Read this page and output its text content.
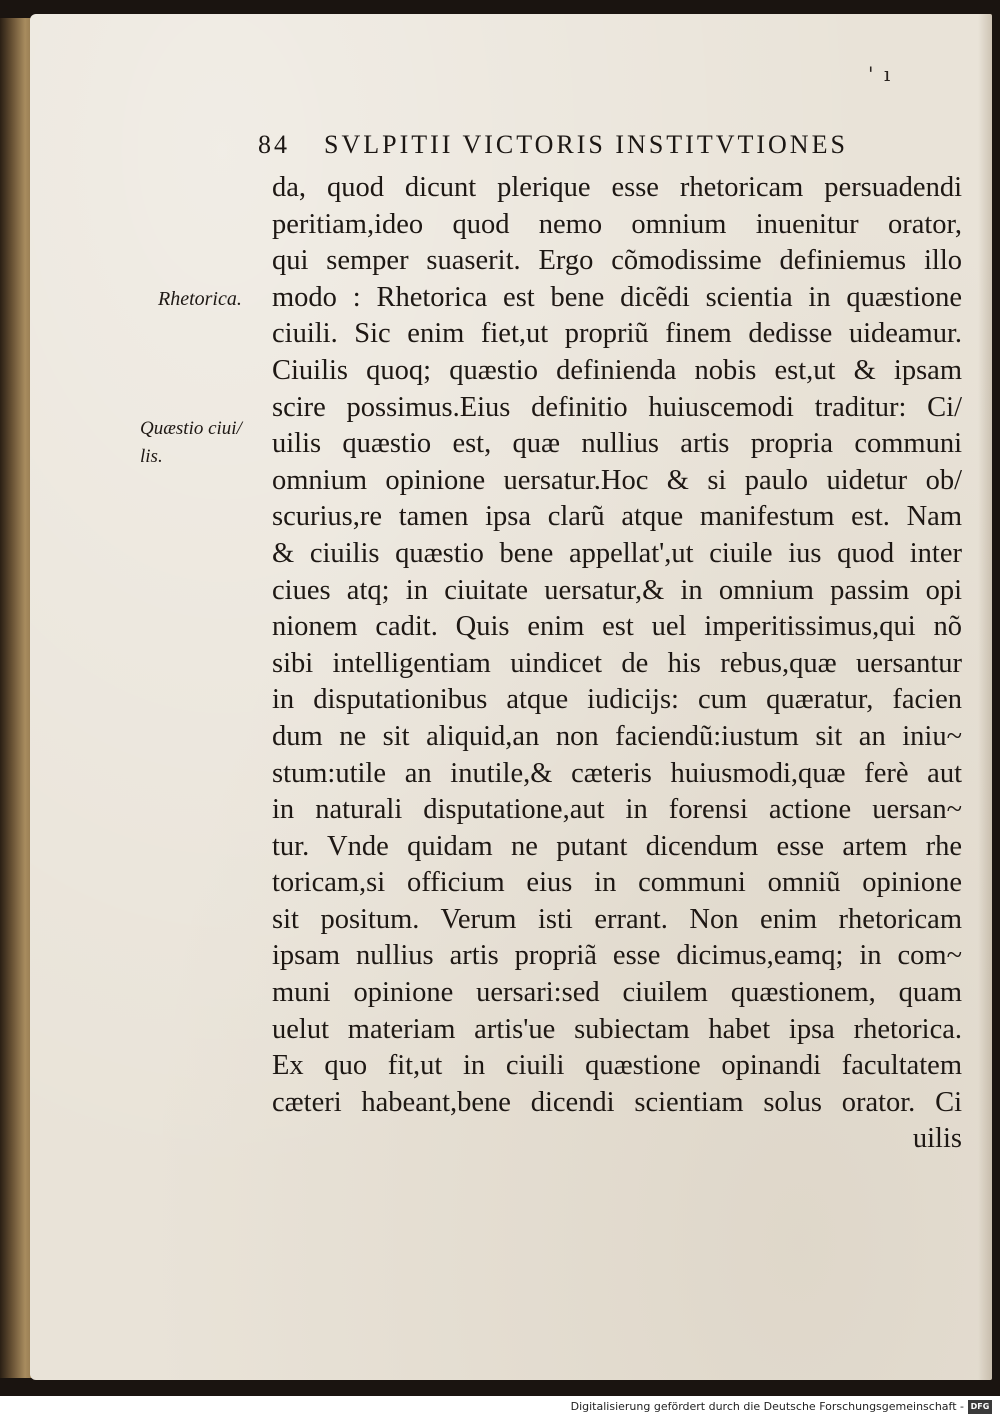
' ı
84 SVLPITII VICTORIS INSTITVTIONES
da, quod dicunt plerique esse rhetoricam persuadendi
peritiam,ideo quod nemo omnium inuenitur orator,
qui semper suaserit. Ergo cõmodissime definiemus illo
modo : Rhetorica est bene dicẽdi scientia in quæstione
ciuili. Sic enim fiet,ut propriũ finem dedisse uideamur.
Ciuilis quoq; quæstio definienda nobis est,ut & ipsam
scire possimus.Eius definitio huiuscemodi traditur: Ci/
uilis quæstio est, quæ nullius artis propria communi
omnium opinione uersatur.Hoc & si paulo uidetur ob/
scurius,re tamen ipsa clarũ atque manifestum est. Nam
& ciuilis quæstio bene appellat',ut ciuile ius quod inter
ciues atq; in ciuitate uersatur,& in omnium passim opi
nionem cadit. Quis enim est uel imperitissimus,qui nõ
sibi intelligentiam uindicet de his rebus,quæ uersantur
in disputationibus atque iudicijs: cum quæratur, facien
dum ne sit aliquid,an non faciendũ:iustum sit an iniu~
stum:utile an inutile,& cæteris huiusmodi,quæ ferè aut
in naturali disputatione,aut in forensi actione uersan~
tur. Vnde quidam ne putant dicendum esse artem rhe
toricam,si officium eius in communi omniũ opinione
sit positum. Verum isti errant. Non enim rhetoricam
ipsam nullius artis propriã esse dicimus,eamq; in com~
muni opinione uersari:sed ciuilem quæstionem, quam
uelut materiam artis'ue subiectam habet ipsa rhetorica.
Ex quo fit,ut in ciuili quæstione opinandi facultatem
cæteri habeant,bene dicendi scientiam solus orator. Ci
uilis
Rhetorica.
Quæstio ciui/
lis.
Digitalisierung gefördert durch die Deutsche Forschungsgemeinschaft - DFG
